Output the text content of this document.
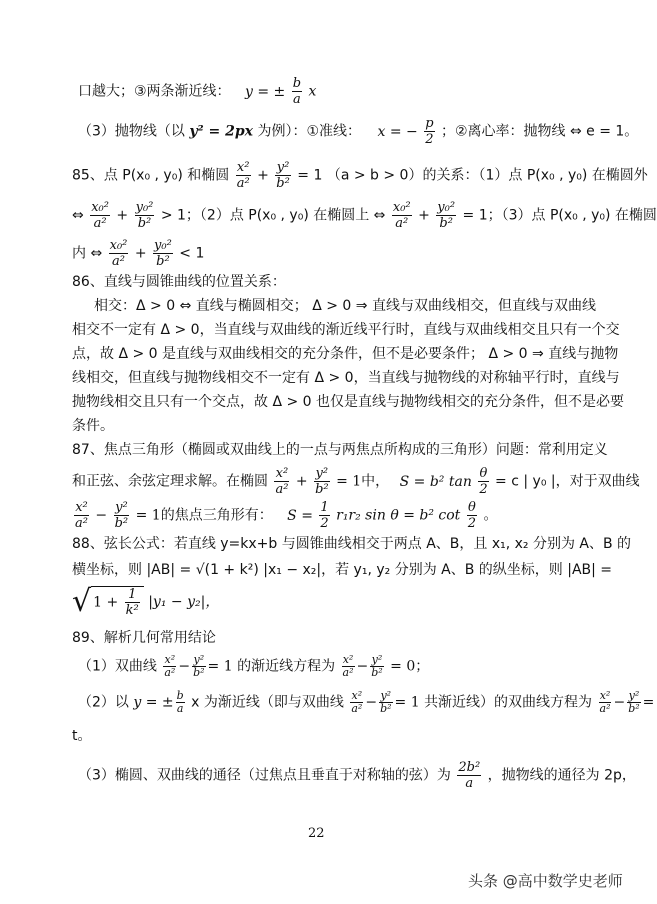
口越大；③两条渐近线： y = ± $\frac{b}{a}$ x
（3）抛物线（以 y² = 2px 为例）：①准线： x = − $\frac{p}{2}$ ；②离心率：抛物线 ⇔ e = 1。
85、点 P(x₀ , y₀) 和椭圆 $\frac{\text{x²}}{\text{a²}} + \frac{\text{y²}}{\text{b²}} = 1$ （a > b > 0）的关系：（1）点 P(x₀ , y₀) 在椭圆外
⇔ $\frac{\text{x₀²}}{\text{a²}} + \frac{\text{y₀²}}{\text{b²}} > 1$；（2）点 P(x₀ , y₀) 在椭圆上 ⇔ $\frac{\text{x₀²}}{\text{a²}} + \frac{\text{y₀²}}{\text{b²}} = 1$；（3）点 P(x₀ , y₀) 在椭圆
内 ⇔ $\frac{\text{x₀²}}{\text{a²}} + \frac{\text{y₀²}}{\text{b²}} < 1$
86、直线与圆锥曲线的位置关系：
相交：Δ > 0 ⇔ 直线与椭圆相交； Δ > 0 ⇒ 直线与双曲线相交，但直线与双曲线
相交不一定有 Δ > 0，当直线与双曲线的渐近线平行时，直线与双曲线相交且只有一个交
点，故 Δ > 0 是直线与双曲线相交的充分条件，但不是必要条件； Δ > 0 ⇒ 直线与抛物
线相交，但直线与抛物线相交不一定有 Δ > 0，当直线与抛物线的对称轴平行时，直线与
抛物线相交且只有一个交点，故 Δ > 0 也仅是直线与抛物线相交的充分条件，但不是必要
条件。
87、焦点三角形（椭圆或双曲线上的一点与两焦点所构成的三角形）问题：常利用定义
和正弦、余弦定理求解。在椭圆 $\frac{\text{x²}}{\text{a²}} + \frac{\text{y²}}{\text{b²}} = 1$中， S = b² $\tan \frac{\theta}{2} = c$ | y₀ |，对于双曲线
$\frac{\text{x²}}{\text{a²}} - \frac{\text{y²}}{\text{b²}} = 1$的焦点三角形有： $S = \frac{1}{2} r_1r_2$ sin θ = b² $\cot \frac{\theta}{2}$ 。
88、弦长公式：若直线 y=kx+b 与圆锥曲线相交于两点 A、B，且 x₁, x₂ 分别为 A、B 的
横坐标，则 |AB| = √(1 + k²) |x₁ − x₂|，若 y₁, y₂ 分别为 A、B 的纵坐标，则 |AB| =
√ $1 + \frac{1}{\text{k²}} |y_1 - y_2|$，
89、解析几何常用结论
（1）双曲线 $\frac{\text{x²}}{\text{a²}} - \frac{\text{y²}}{\text{b²}} = 1$ 的渐近线方程为 $\frac{\text{x²}}{\text{a²}} - \frac{\text{y²}}{\text{b²}} = 0$；
（2）以 y = ± $\frac{b}{a}$ x 为渐近线（即与双曲线 $\frac{\text{x²}}{\text{a²}} - \frac{\text{y²}}{\text{b²}} = 1$ 共渐近线）的双曲线方程为 $\frac{\text{x²}}{\text{a²}} - \frac{\text{y²}}{\text{b²}}$ =
t。
（3）椭圆、双曲线的通径（过焦点且垂直于对称轴的弦）为 $\frac{\text{2b²}}{a}$ ，抛物线的通径为 2p，
22
头条 @高中数学史老师
